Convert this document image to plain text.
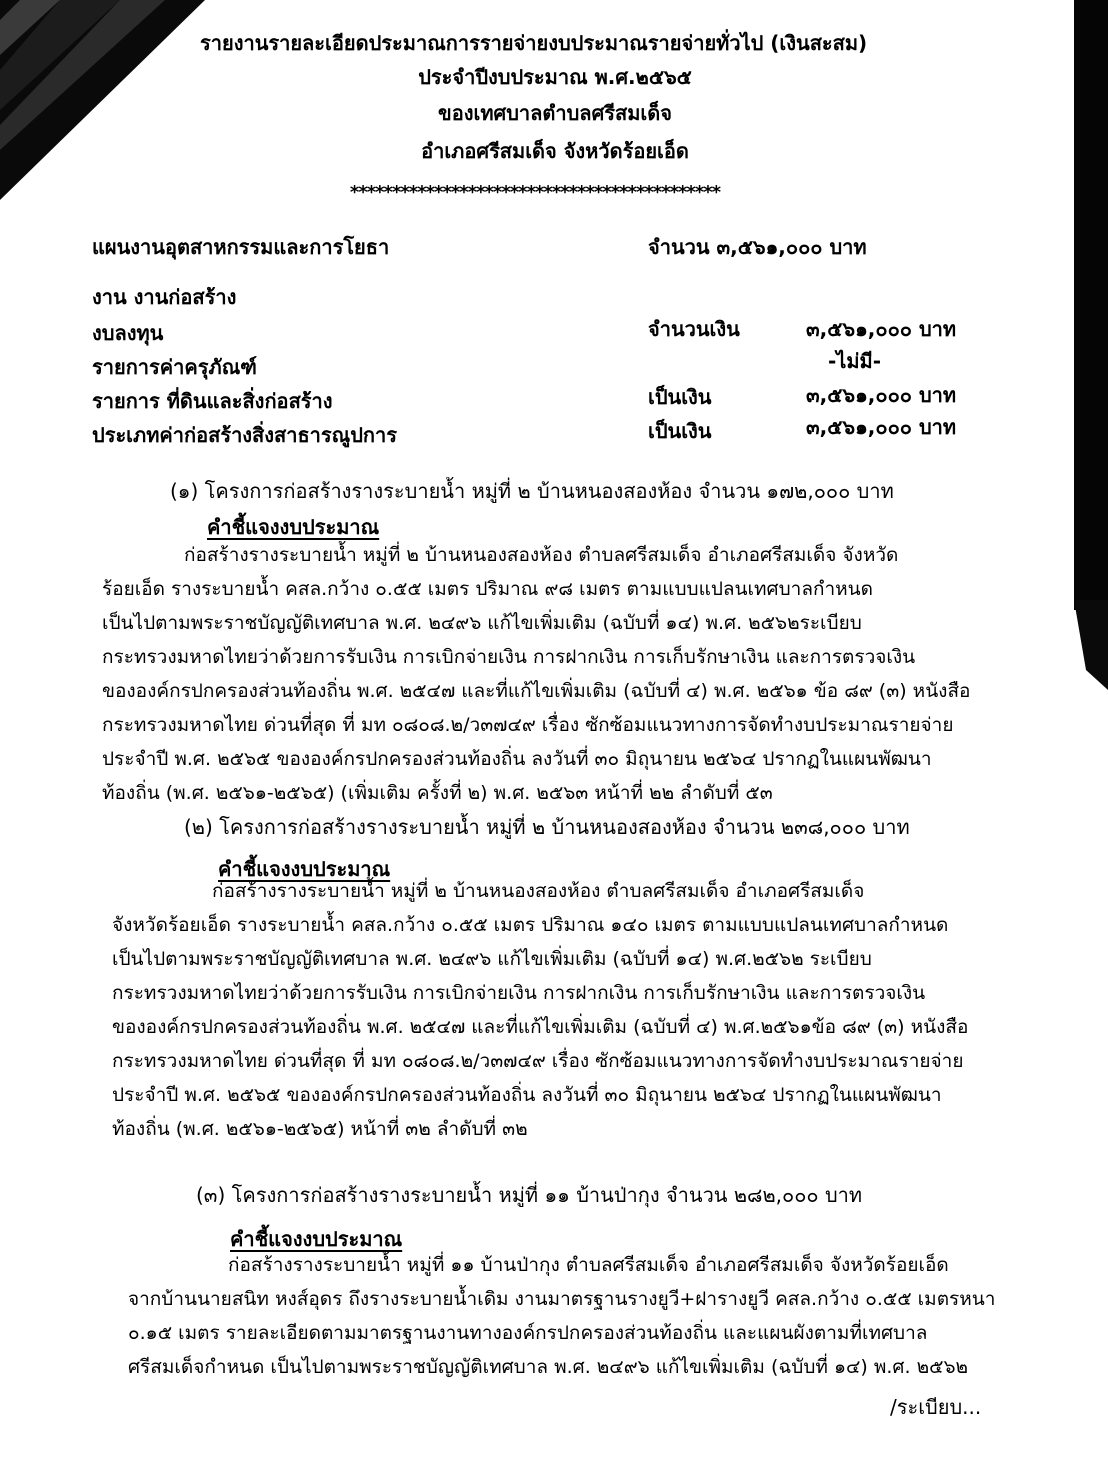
รายงานรายละเอียดประมาณการรายจ่ายงบประมาณรายจ่ายทั่วไป (เงินสะสม)
ประจำปีงบประมาณ พ.ศ.๒๕๖๕
ของเทศบาลตำบลศรีสมเด็จ
อำเภอศรีสมเด็จ จังหวัดร้อยเอ็ด
********************************************
แผนงานอุตสาหกรรมและการโยธา	จำนวน ๓,๕๖๑,๐๐๐ บาท
งาน งานก่อสร้าง
งบลงทุน	จำนวนเงิน	๓,๕๖๑,๐๐๐ บาท
รายการค่าครุภัณฑ์	-ไม่มี-
รายการ ที่ดินและสิ่งก่อสร้าง	เป็นเงิน	๓,๕๖๑,๐๐๐ บาท
ประเภทค่าก่อสร้างสิ่งสาธารณูปการ	เป็นเงิน	๓,๕๖๑,๐๐๐ บาท
(๑) โครงการก่อสร้างรางระบายน้ำ หมู่ที่ ๒ บ้านหนองสองห้อง จำนวน ๑๗๒,๐๐๐ บาท
คำชี้แจงงบประมาณ
ก่อสร้างรางระบายน้ำ หมู่ที่ ๒ บ้านหนองสองห้อง ตำบลศรีสมเด็จ อำเภอศรีสมเด็จ จังหวัด
ร้อยเอ็ด รางระบายน้ำ คสล.กว้าง ๐.๕๕ เมตร ปริมาณ ๙๘ เมตร ตามแบบแปลนเทศบาลกำหนด
เป็นไปตามพระราชบัญญัติเทศบาล พ.ศ. ๒๔๙๖ แก้ไขเพิ่มเติม (ฉบับที่ ๑๔) พ.ศ. ๒๕๖๒ระเบียบ
กระทรวงมหาดไทยว่าด้วยการรับเงิน การเบิกจ่ายเงิน การฝากเงิน การเก็บรักษาเงิน และการตรวจเงิน
ขององค์กรปกครองส่วนท้องถิ่น พ.ศ. ๒๕๔๗ และที่แก้ไขเพิ่มเติม (ฉบับที่ ๔) พ.ศ. ๒๕๖๑ ข้อ ๘๙ (๓) หนังสือ
กระทรวงมหาดไทย ด่วนที่สุด ที่ มท ๐๘๐๘.๒/ว๓๗๔๙ เรื่อง ซักซ้อมแนวทางการจัดทำงบประมาณรายจ่าย
ประจำปี พ.ศ. ๒๕๖๕ ขององค์กรปกครองส่วนท้องถิ่น ลงวันที่ ๓๐ มิถุนายน ๒๕๖๔ ปรากฏในแผนพัฒนา
ท้องถิ่น (พ.ศ. ๒๕๖๑-๒๕๖๕) (เพิ่มเติม ครั้งที่ ๒) พ.ศ. ๒๕๖๓ หน้าที่ ๒๒ ลำดับที่ ๕๓
(๒) โครงการก่อสร้างรางระบายน้ำ หมู่ที่ ๒ บ้านหนองสองห้อง จำนวน ๒๓๘,๐๐๐ บาท
คำชี้แจงงบประมาณ
ก่อสร้างรางระบายน้ำ หมู่ที่ ๒ บ้านหนองสองห้อง ตำบลศรีสมเด็จ อำเภอศรีสมเด็จ
จังหวัดร้อยเอ็ด รางระบายน้ำ คสล.กว้าง ๐.๕๕ เมตร ปริมาณ ๑๔๐ เมตร ตามแบบแปลนเทศบาลกำหนด
เป็นไปตามพระราชบัญญัติเทศบาล พ.ศ. ๒๔๙๖ แก้ไขเพิ่มเติม (ฉบับที่ ๑๔) พ.ศ.๒๕๖๒ ระเบียบ
กระทรวงมหาดไทยว่าด้วยการรับเงิน การเบิกจ่ายเงิน การฝากเงิน การเก็บรักษาเงิน และการตรวจเงิน
ขององค์กรปกครองส่วนท้องถิ่น พ.ศ. ๒๕๔๗ และที่แก้ไขเพิ่มเติม (ฉบับที่ ๔) พ.ศ.๒๕๖๑ข้อ ๘๙ (๓) หนังสือ
กระทรวงมหาดไทย ด่วนที่สุด ที่ มท ๐๘๐๘.๒/ว๓๗๔๙ เรื่อง ซักซ้อมแนวทางการจัดทำงบประมาณรายจ่าย
ประจำปี พ.ศ. ๒๕๖๕ ขององค์กรปกครองส่วนท้องถิ่น ลงวันที่ ๓๐ มิถุนายน ๒๕๖๔ ปรากฏในแผนพัฒนา
ท้องถิ่น (พ.ศ. ๒๕๖๑-๒๕๖๕) หน้าที่ ๓๒ ลำดับที่ ๓๒
(๓) โครงการก่อสร้างรางระบายน้ำ หมู่ที่ ๑๑ บ้านป่ากุง จำนวน ๒๘๒,๐๐๐ บาท
คำชี้แจงงบประมาณ
ก่อสร้างรางระบายน้ำ หมู่ที่ ๑๑ บ้านป่ากุง ตำบลศรีสมเด็จ อำเภอศรีสมเด็จ จังหวัดร้อยเอ็ด
จากบ้านนายสนิท หงส์อุดร ถึงรางระบายน้ำเดิม งานมาตรฐานรางยูวี+ฝารางยูวี คสล.กว้าง ๐.๕๕ เมตรหนา
๐.๑๕ เมตร รายละเอียดตามมาตรฐานงานทางองค์กรปกครองส่วนท้องถิ่น และแผนผังตามที่เทศบาล
ศรีสมเด็จกำหนด เป็นไปตามพระราชบัญญัติเทศบาล พ.ศ. ๒๔๙๖ แก้ไขเพิ่มเติม (ฉบับที่ ๑๔) พ.ศ. ๒๕๖๒
/ระเบียบ...
